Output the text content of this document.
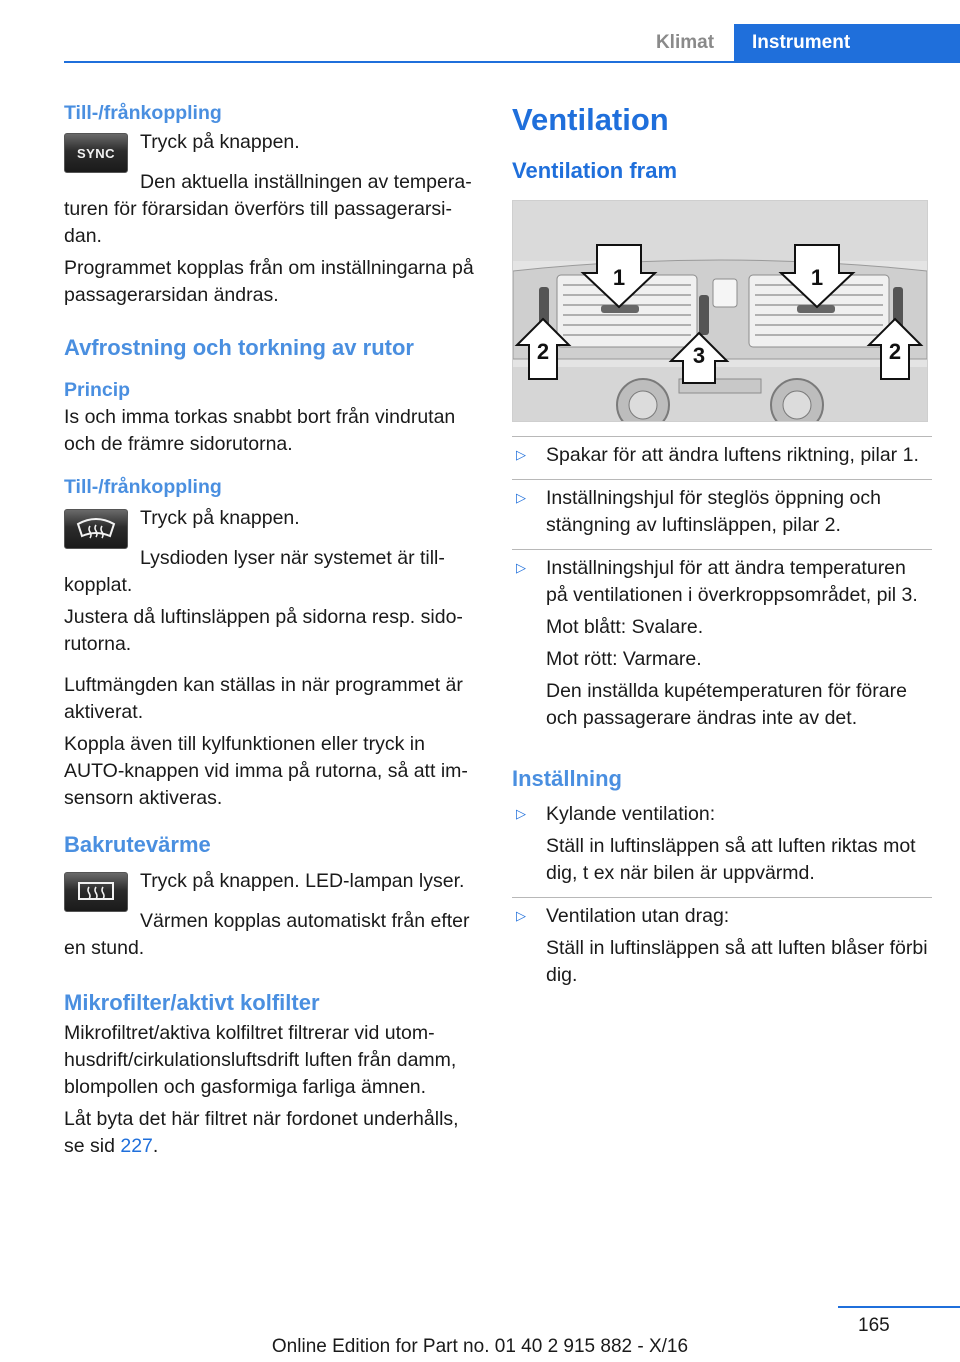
Klimat	Instrument
Till-/frånkoppling
SYNC Tryck på knappen.

Den aktuella inställningen av tempera-turen för förarsidan överförs till passagerarsi-dan.

Programmet kopplas från om inställningarna på passagerarsidan ändras.

Avfrostning och torkning av rutor
Princip

Is och imma torkas snabbt bort från vindrutan och de främre sidorutorna.

Till-/frånkoppling

Tryck på knappen.

Lysdioden lyser när systemet är till-kopplat.

Justera då luftinsläppen på sidorna resp. sido-rutorna.

Luftmängden kan ställas in när programmet är aktiverat.

Koppla även till kylfunktionen eller tryck in AUTO-knappen vid imma på rutorna, så att im-sensorn aktiveras.

Bakrutevärme

Tryck på knappen. LED-lampan lyser.

Värmen kopplas automatiskt från efter en stund.

Mikrofilter/aktivt kolfilter

Mikrofiltret/aktiva kolfiltret filtrerar vid utom-husdrift/cirkulationsluftsdrift luften från damm, blompollen och gasformiga farliga ämnen.

Låt byta det här filtret när fordonet underhålls, se sid 227.

Ventilation
Ventilation fram
1	1
2	3	2
▷ Spakar för att ändra luftens riktning, pilar 1.

▷ Inställningshjul för steglös öppning och stängning av luftinsläppen, pilar 2.

▷ Inställningshjul för att ändra temperaturen på ventilationen i överkroppsområdet, pil 3.

Mot blått: Svalare.

Mot rött: Varmare.

Den inställda kupétemperaturen för förare och passagerare ändras inte av det.

Inställning
▷ Kylande ventilation:

Ställ in luftinsläppen så att luften riktas mot dig, t ex när bilen är uppvärmd.

▷ Ventilation utan drag:

Ställ in luftinsläppen så att luften blåser förbi dig.

165
Online Edition for Part no. 01 40 2 915 882 - X/16
